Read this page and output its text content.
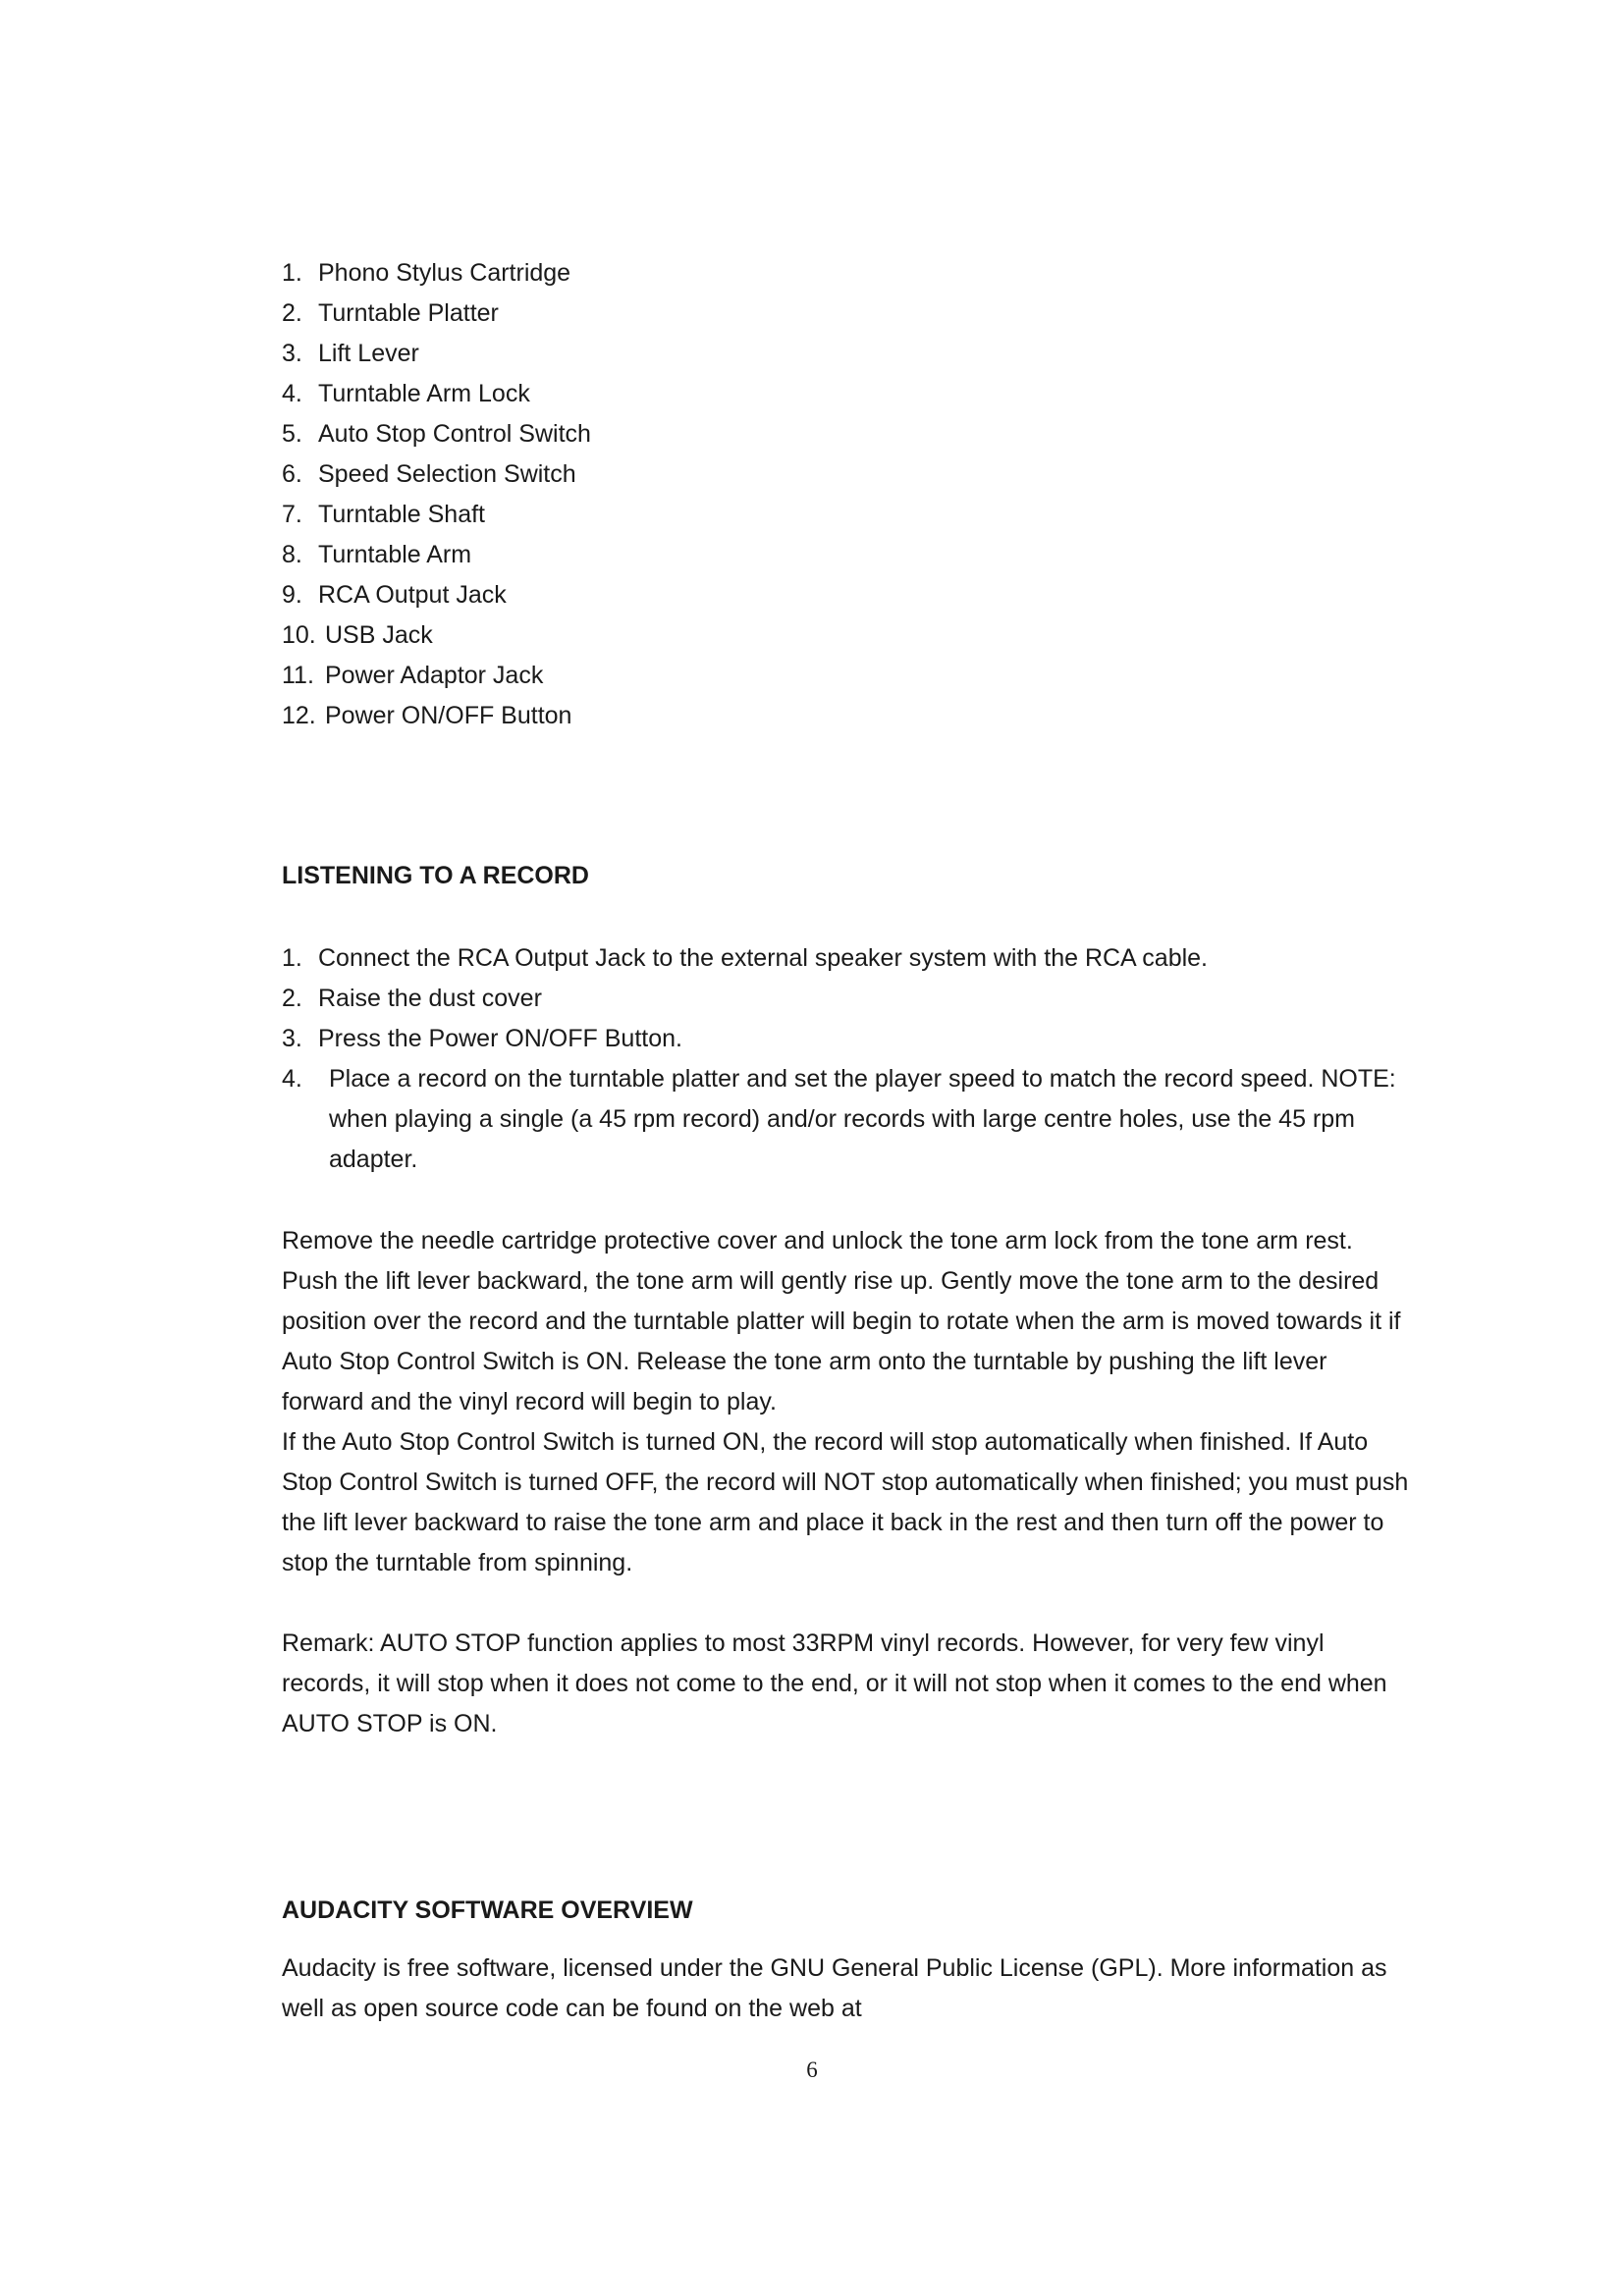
1. Phono Stylus Cartridge
2. Turntable Platter
3. Lift Lever
4. Turntable Arm Lock
5. Auto Stop Control Switch
6. Speed Selection Switch
7. Turntable Shaft
8. Turntable Arm
9. RCA Output Jack
10. USB Jack
11. Power Adaptor Jack
12. Power ON/OFF Button
LISTENING TO A RECORD
1. Connect the RCA Output Jack to the external speaker system with the RCA cable.
2. Raise the dust cover
3. Press the Power ON/OFF Button.
4.	Place a record on the turntable platter and set the player speed to match the record speed. NOTE: when playing a single (a 45 rpm record) and/or records with large centre holes, use the 45 rpm adapter.

Remove the needle cartridge protective cover and unlock the tone arm lock from the tone arm rest. Push the lift lever backward, the tone arm will gently rise up. Gently move the tone arm to the desired position over the record and the turntable platter will begin to rotate when the arm is moved towards it if Auto Stop Control Switch is ON. Release the tone arm onto the turntable by pushing the lift lever forward and the vinyl record will begin to play.

If the Auto Stop Control Switch is turned ON, the record will stop automatically when finished. If Auto Stop Control Switch is turned OFF, the record will NOT stop automatically when finished; you must push the lift lever backward to raise the tone arm and place it back in the rest and then turn off the power to stop the turntable from spinning.

Remark: AUTO STOP function applies to most 33RPM vinyl records. However, for very few vinyl records, it will stop when it does not come to the end, or it will not stop when it comes to the end when AUTO STOP is ON.

AUDACITY SOFTWARE OVERVIEW

Audacity is free software, licensed under the GNU General Public License (GPL). More information as well as open source code can be found on the web at

6
